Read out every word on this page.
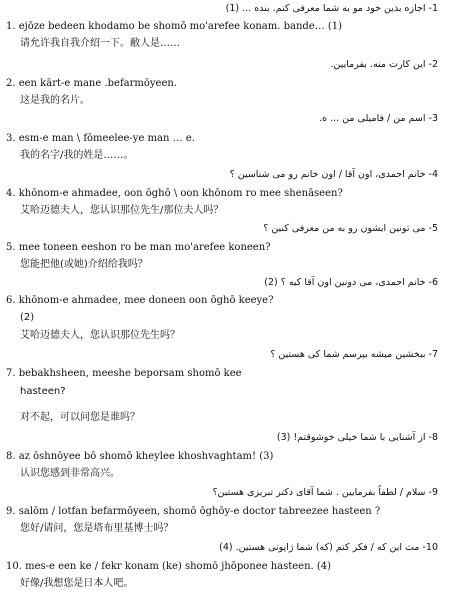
1- اجازه بدین خود مو به شما معرفی کنم. بنده ... (1)
1. ejōze bedeen khodamo be shomō mo'arefee konam. bande… (1)
请允许我自我介绍一下。敝人是……
2- این کارت منه. بفرمایین.
2. een kārt-e mane .befarmōyeen.
这是我的名片。
3- اسم من / فامیلی من ... ه.
3. esm-e man \ fōmeelee-ye man … e.
我的名字/我的姓是……。
4- خانم احمدی، اون آقا / اون خانم رو می شناسین ؟
4. khōnom-e ahmadee, oon ōghō \ oon khōnom ro mee shenāseen?
艾哈迈德夫人，您认识那位先生/那位夫人吗？
5- می تونین ایشون رو به من معرفی کنین ؟
5. mee toneen eeshon ro be man mo'arefee koneen?
您能把他(或她)介绍给我吗？
6- خانم احمدی، می دونین اون آقا کیه ؟ (2)
6. khōnom-e ahmadee, mee doneen oon ōghō keeye?
(2)
艾哈迈德夫人，您认识那位先生吗？
7- ببخشین میشه بپرسم شما کی هستین ؟
7. bebakhsheen, meeshe beporsam shomō kee
hasteen?
对不起，可以问您是谁吗？
8- از آشنایی با شما خیلی خوشوقتم! (3)
8. az ōshnōyee bō shomō kheylee khoshvaghtam! (3)
认识您感到非常高兴。
9- سلام / لطفاً بفرمایین . شما آقای دکتر تبریزی هستین؟
9. salōm / lotfan befarmōyeen, shomō ōghōy-e doctor tabreezee hasteen ?
您好/请问，您是塔布里基博士吗？
10- مث این که / فکر کنم (که) شما ژاپونی هستین. (4)
10. mes-e een ke / fekr konam (ke) shomō jhōponee hasteen. (4)
好像/我想您是日本人吧。
